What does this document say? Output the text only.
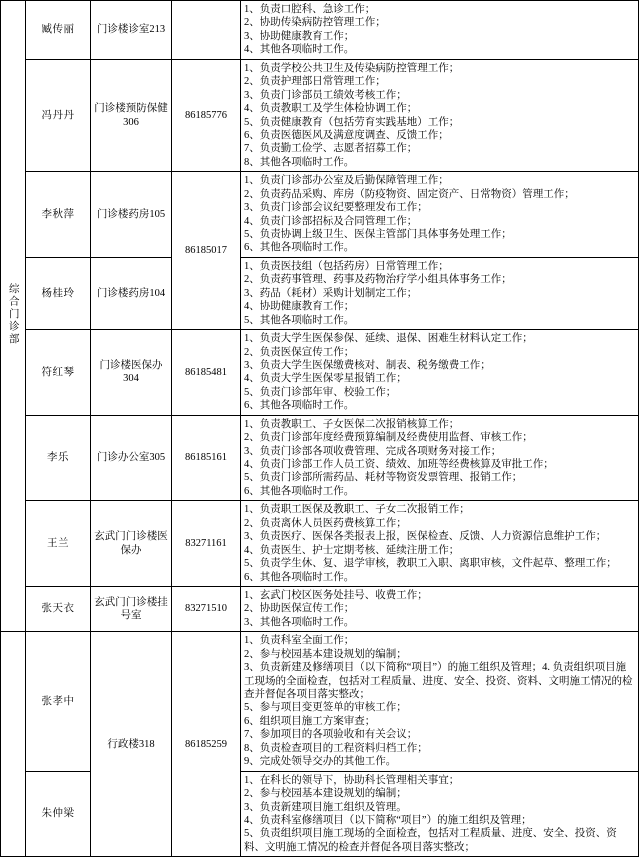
综合门诊部	臧传丽	门诊楼诊室213		1、负责口腔科、急诊工作；
2、协助传染病防控管理工作；
3、协助健康教育工作；
4、其他各项临时工作。

冯丹丹	门诊楼预防保健306	86185776	
1、负责学校公共卫生及传染病防控管理工作；
2、负责护理部日常管理工作；
3、负责门诊部员工绩效考核工作；
4、负责教职工及学生体检协调工作；
5、负责健康教育（包括劳育实践基地）工作；
6、负责医德医风及满意度调查、反馈工作；
7、负责勤工俭学、志愿者招募工作；
8、其他各项临时工作。

李秋萍	门诊楼药房105	86185017	
1、负责门诊部办公室及后勤保障管理工作；
2、负责药品采购、库房（防疫物资、固定资产、日常物资）管理工作；
3、负责门诊部会议纪要整理发布工作；
4、负责门诊部招标及合同管理工作；
5、负责协调上级卫生、医保主管部门具体事务处理工作；
6、其他各项临时工作。

	杨桂玲	门诊楼药房104		1、负责医技组（包括药房）日常管理工作；
2、负责药事管理、药事及药物治疗学小组具体事务工作；
3、药品（耗材）采购计划制定工作；
4、协助健康教育工作；
5、其他各项临时工作。

符红琴	门诊楼医保办304	86185481	
1、负责大学生医保参保、延续、退保、困难生材料认定工作；
2、负责医保宣传工作；
3、负责大学生医保缴费核对、制表、税务缴费工作；
4、负责大学生医保零星报销工作；
5、负责门诊部年审、校验工作；
6、其他各项临时工作。

李乐	门诊办公室305	86185161	
1、负责教职工、子女医保二次报销核算工作；
2、负责门诊部年度经费预算编制及经费使用监督、审核工作；
3、负责门诊部各项收费管理、完成各项财务对接工作；
4、负责门诊部工作人员工资、绩效、加班等经费核算及审批工作；
5、负责门诊部所需药品、耗材等物资发票管理、报销工作；
6、其他各项临时工作。

王兰	玄武门门诊楼医保办	83271161	
1、负责职工医保及教职工、子女二次报销工作；
2、负责离休人员医药费核算工作；
3、负责医疗、医保各类报表上报，医保检查、反馈、人力资源信息维护工作；
4、负责医生、护士定期考核、延续注册工作；
5、负责学生休、复、退学审核，教职工入职、离职审核，文件起草、整理工作；
6、其他各项临时工作。

	张天衣	玄武门门诊楼挂号室	83271510	1、玄武门校区医务处挂号、收费工作；
2、协助医保宣传工作；
3、其他各项临时工作。

	张孝中	行政楼318	86185259	
1、负责科室全面工作；
2、参与校园基本建设规划的编制；
3、负责新建及修缮项目（以下简称“项目”）的施工组织及管理；4. 负责组织项目施工现场的全面检查，包括对工程质量、进度、安全、投资、资料、文明施工情况的检查并督促各项目落实整改；
5、参与项目变更签单的审核工作；
6、组织项目施工方案审查；
7、参加项目的各项验收和有关会议；
8、负责检查项目的工程资料归档工作；
9、完成处领导交办的其他工作。

	朱仲梁			1、在科长的领导下，协助科长管理相关事宜；
2、参与校园基本建设规划的编制；
3、负责新建项目施工组织及管理。
4、负责科室修缮项目（以下简称“项目”）的施工组织及管理；
5、负责组织项目施工现场的全面检查，包括对工程质量、进度、安全、投资、资料、文明施工情况的检查并督促各项目落实整改；
